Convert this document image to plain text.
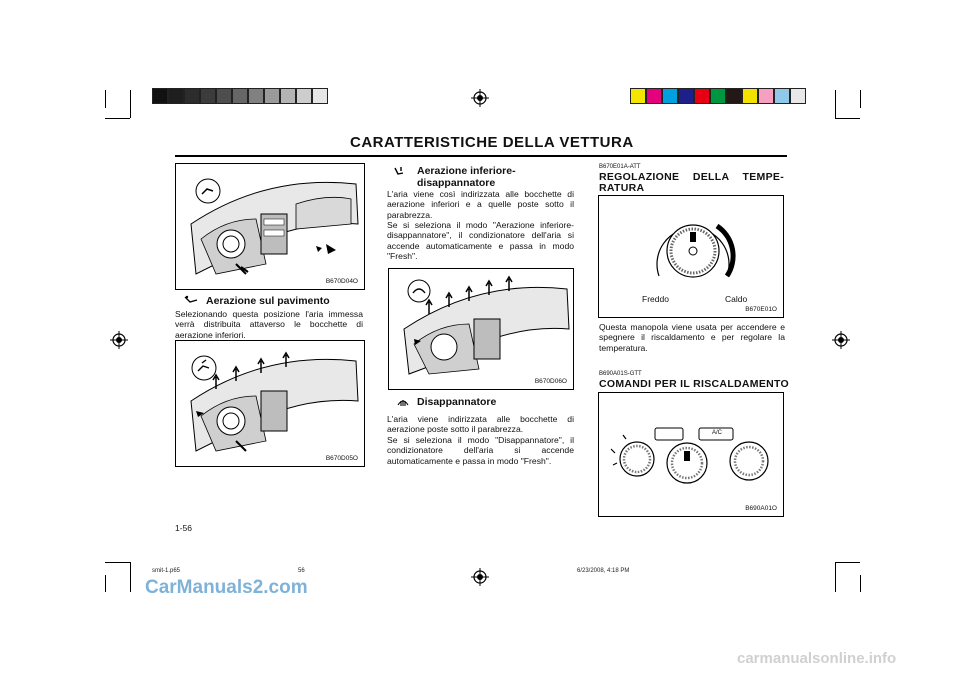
CARATTERISTICHE DELLA VETTURA
B670D04O
Aerazione sul pavimento
Selezionando questa posizione l'aria immessa verrà distribuita attaverso le bocchette di aerazione inferiori.
B670D05O
Aerazione inferiore-
disappannatore
L'aria viene così indirizzata alle bocchette di aerazione inferiori e a quelle poste sotto il parabrezza.
Se si seleziona il modo "Aerazione inferiore-disappannatore", il condizionatore dell'aria si accende automaticamente e passa in modo "Fresh".
B670D06O
Disappannatore
L'aria viene indirizzata alle bocchette di aerazione poste sotto il parabrezza.
Se si seleziona il modo "Disappannatore", il condizionatore dell'aria si accende automaticamente e passa in modo "Fresh".
B670E01A-ATT
REGOLAZIONE DELLA TEMPE-RATURA
Freddo	Caldo
B670E01O
Questa manopola viene usata per accendere e spegnere il riscaldamento e per regolare la temperatura.
B690A01S-GTT
COMANDI PER IL RISCALDAMENTO
A/C
B690A01O
1-56
smit-1.p65	56	6/23/2008, 4:18 PM
CarManuals2.com
carmanualsonline.info
